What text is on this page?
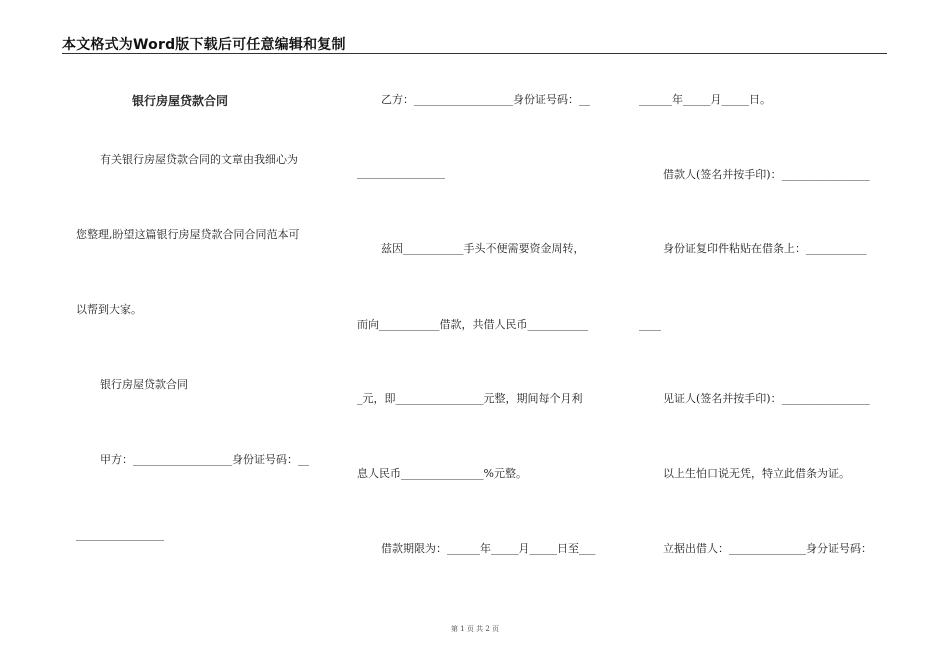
本文格式为Word版下载后可任意编辑和复制
银行房屋贷款合同
有关银行房屋贷款合同的文章由我细心为
您整理,盼望这篇银行房屋贷款合同合同范本可
以帮到大家。
银行房屋贷款合同
甲方：__________________身份证号码：__
________________
乙方：__________________身份证号码：__
________________
兹因___________手头不便需要资金周转，
而向___________借款，共借人民币___________
_元，即________________元整，期间每个月利
息人民币_______________%元整。
借款期限为：______年_____月_____日至___
______年_____月_____日。
借款人(签名并按手印)：________________
身份证复印件粘贴在借条上：___________
____
见证人(签名并按手印)：________________
以上生怕口说无凭，特立此借条为证。
立据出借人：______________身分证号码：
第 1 页 共 2 页
